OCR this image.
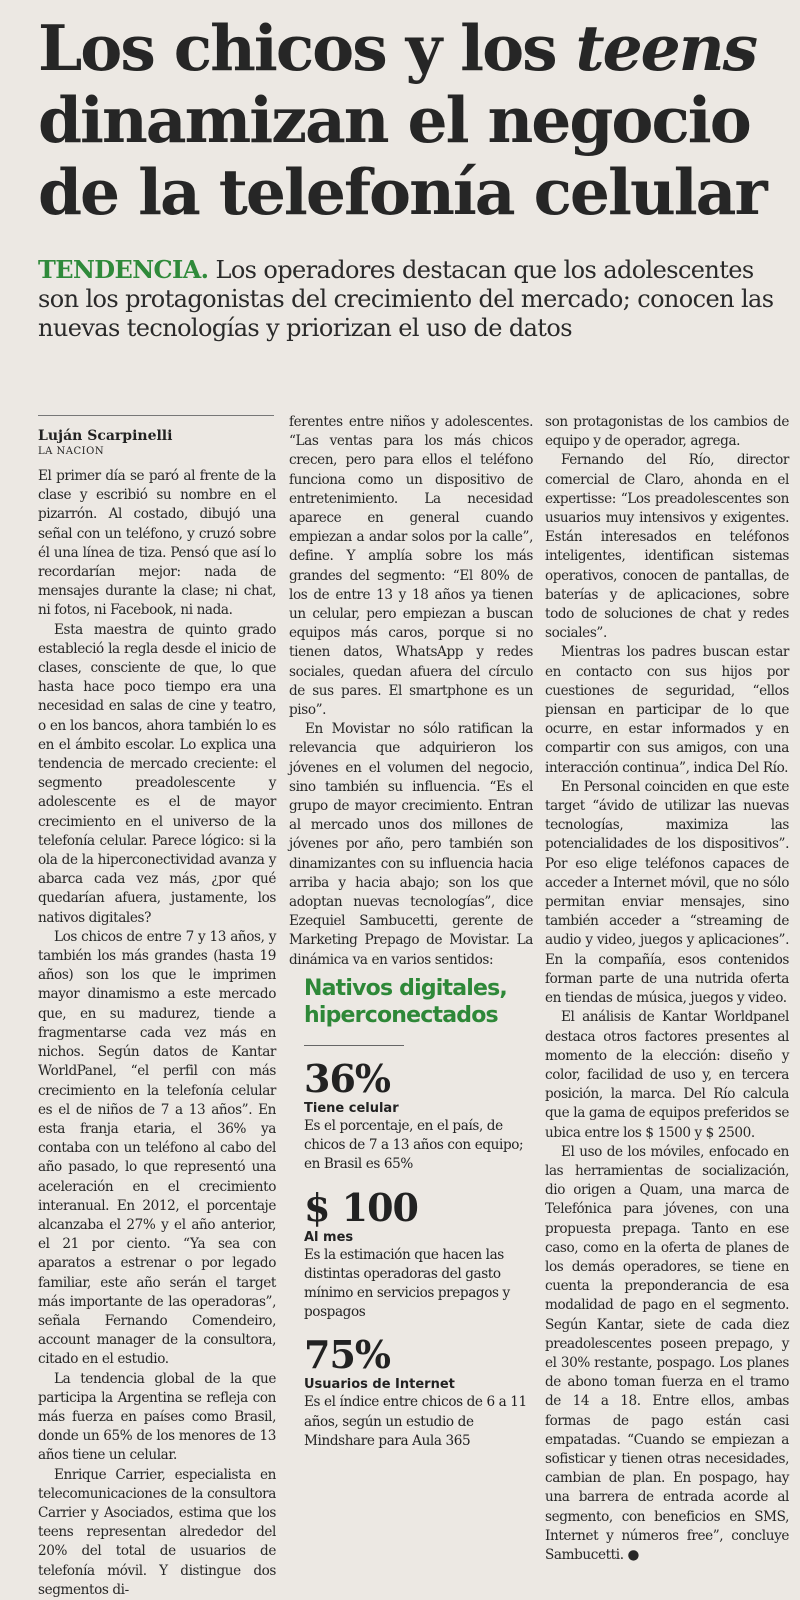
Los chicos y los teens
dinamizan el negocio
de la telefonía celular

TENDENCIA. Los operadores destacan que los adolescentes son los protagonistas del crecimiento del mercado; conocen las nuevas tecnologías y priorizan el uso de datos

Luján Scarpinelli
LA NACION

El primer día se paró al frente de la clase y escribió su nombre en el pizarrón. Al costado, dibujó una señal con un teléfono, y cruzó sobre él una línea de tiza. Pensó que así lo recordarían mejor: nada de mensajes durante la clase; ni chat, ni fotos, ni Facebook, ni nada.

Esta maestra de quinto grado estableció la regla desde el inicio de clases, consciente de que, lo que hasta hace poco tiempo era una necesidad en salas de cine y teatro, o en los bancos, ahora también lo es en el ámbito escolar. Lo explica una tendencia de mercado creciente: el segmento preadolescente y adolescente es el de mayor crecimiento en el universo de la telefonía celular. Parece lógico: si la ola de la hiperconectividad avanza y abarca cada vez más, ¿por qué quedarían afuera, justamente, los nativos digitales?

Los chicos de entre 7 y 13 años, y también los más grandes (hasta 19 años) son los que le imprimen mayor dinamismo a este mercado que, en su madurez, tiende a fragmentarse cada vez más en nichos. Según datos de Kantar WorldPanel, “el perfil con más crecimiento en la telefonía celular es el de niños de 7 a 13 años”. En esta franja etaria, el 36% ya contaba con un teléfono al cabo del año pasado, lo que representó una aceleración en el crecimiento interanual. En 2012, el porcentaje alcanzaba el 27% y el año anterior, el 21 por ciento. “Ya sea con aparatos a estrenar o por legado familiar, este año serán el target más importante de las operadoras”, señala Fernando Comendeiro, account manager de la consultora, citado en el estudio.

La tendencia global de la que participa la Argentina se refleja con más fuerza en países como Brasil, donde un 65% de los menores de 13 años tiene un celular.

Enrique Carrier, especialista en telecomunicaciones de la consultora Carrier y Asociados, estima que los teens representan alrededor del 20% del total de usuarios de telefonía móvil. Y distingue dos segmentos di-

ferentes entre niños y adolescentes. “Las ventas para los más chicos crecen, pero para ellos el teléfono funciona como un dispositivo de entretenimiento. La necesidad aparece en general cuando empiezan a andar solos por la calle”, define. Y amplía sobre los más grandes del segmento: “El 80% de los de entre 13 y 18 años ya tienen un celular, pero empiezan a buscan equipos más caros, porque si no tienen datos, WhatsApp y redes sociales, quedan afuera del círculo de sus pares. El smartphone es un piso”.

En Movistar no sólo ratifican la relevancia que adquirieron los jóvenes en el volumen del negocio, sino también su influencia. “Es el grupo de mayor crecimiento. Entran al mercado unos dos millones de jóvenes por año, pero también son dinamizantes con su influencia hacia arriba y hacia abajo; son los que adoptan nuevas tecnologías”, dice Ezequiel Sambucetti, gerente de Marketing Prepago de Movistar. La dinámica va en varios sentidos:

Nativos digitales, hiperconectados
36%
Tiene celular
Es el porcentaje, en el país, de chicos de 7 a 13 años con equipo; en Brasil es 65%
$ 100
Al mes
Es la estimación que hacen las distintas operadoras del gasto mínimo en servicios prepagos y pospagos
75%
Usuarios de Internet
Es el índice entre chicos de 6 a 11 años, según un estudio de Mindshare para Aula 365

son protagonistas de los cambios de equipo y de operador, agrega.

Fernando del Río, director comercial de Claro, ahonda en el expertisse: “Los preadolescentes son usuarios muy intensivos y exigentes. Están interesados en teléfonos inteligentes, identifican sistemas operativos, conocen de pantallas, de baterías y de aplicaciones, sobre todo de soluciones de chat y redes sociales”.

Mientras los padres buscan estar en contacto con sus hijos por cuestiones de seguridad, “ellos piensan en participar de lo que ocurre, en estar informados y en compartir con sus amigos, con una interacción continua”, indica Del Río.

En Personal coinciden en que este target “ávido de utilizar las nuevas tecnologías, maximiza las potencialidades de los dispositivos”. Por eso elige teléfonos capaces de acceder a Internet móvil, que no sólo permitan enviar mensajes, sino también acceder a “streaming de audio y video, juegos y aplicaciones”. En la compañía, esos contenidos forman parte de una nutrida oferta en tiendas de música, juegos y video.

El análisis de Kantar Worldpanel destaca otros factores presentes al momento de la elección: diseño y color, facilidad de uso y, en tercera posición, la marca. Del Río calcula que la gama de equipos preferidos se ubica entre los $ 1500 y $ 2500.

El uso de los móviles, enfocado en las herramientas de socialización, dio origen a Quam, una marca de Telefónica para jóvenes, con una propuesta prepaga. Tanto en ese caso, como en la oferta de planes de los demás operadores, se tiene en cuenta la preponderancia de esa modalidad de pago en el segmento. Según Kantar, siete de cada diez preadolescentes poseen prepago, y el 30% restante, pospago. Los planes de abono toman fuerza en el tramo de 14 a 18. Entre ellos, ambas formas de pago están casi empatadas. “Cuando se empiezan a sofisticar y tienen otras necesidades, cambian de plan. En pospago, hay una barrera de entrada acorde al segmento, con beneficios en SMS, Internet y números free”, concluye Sambucetti. ●
